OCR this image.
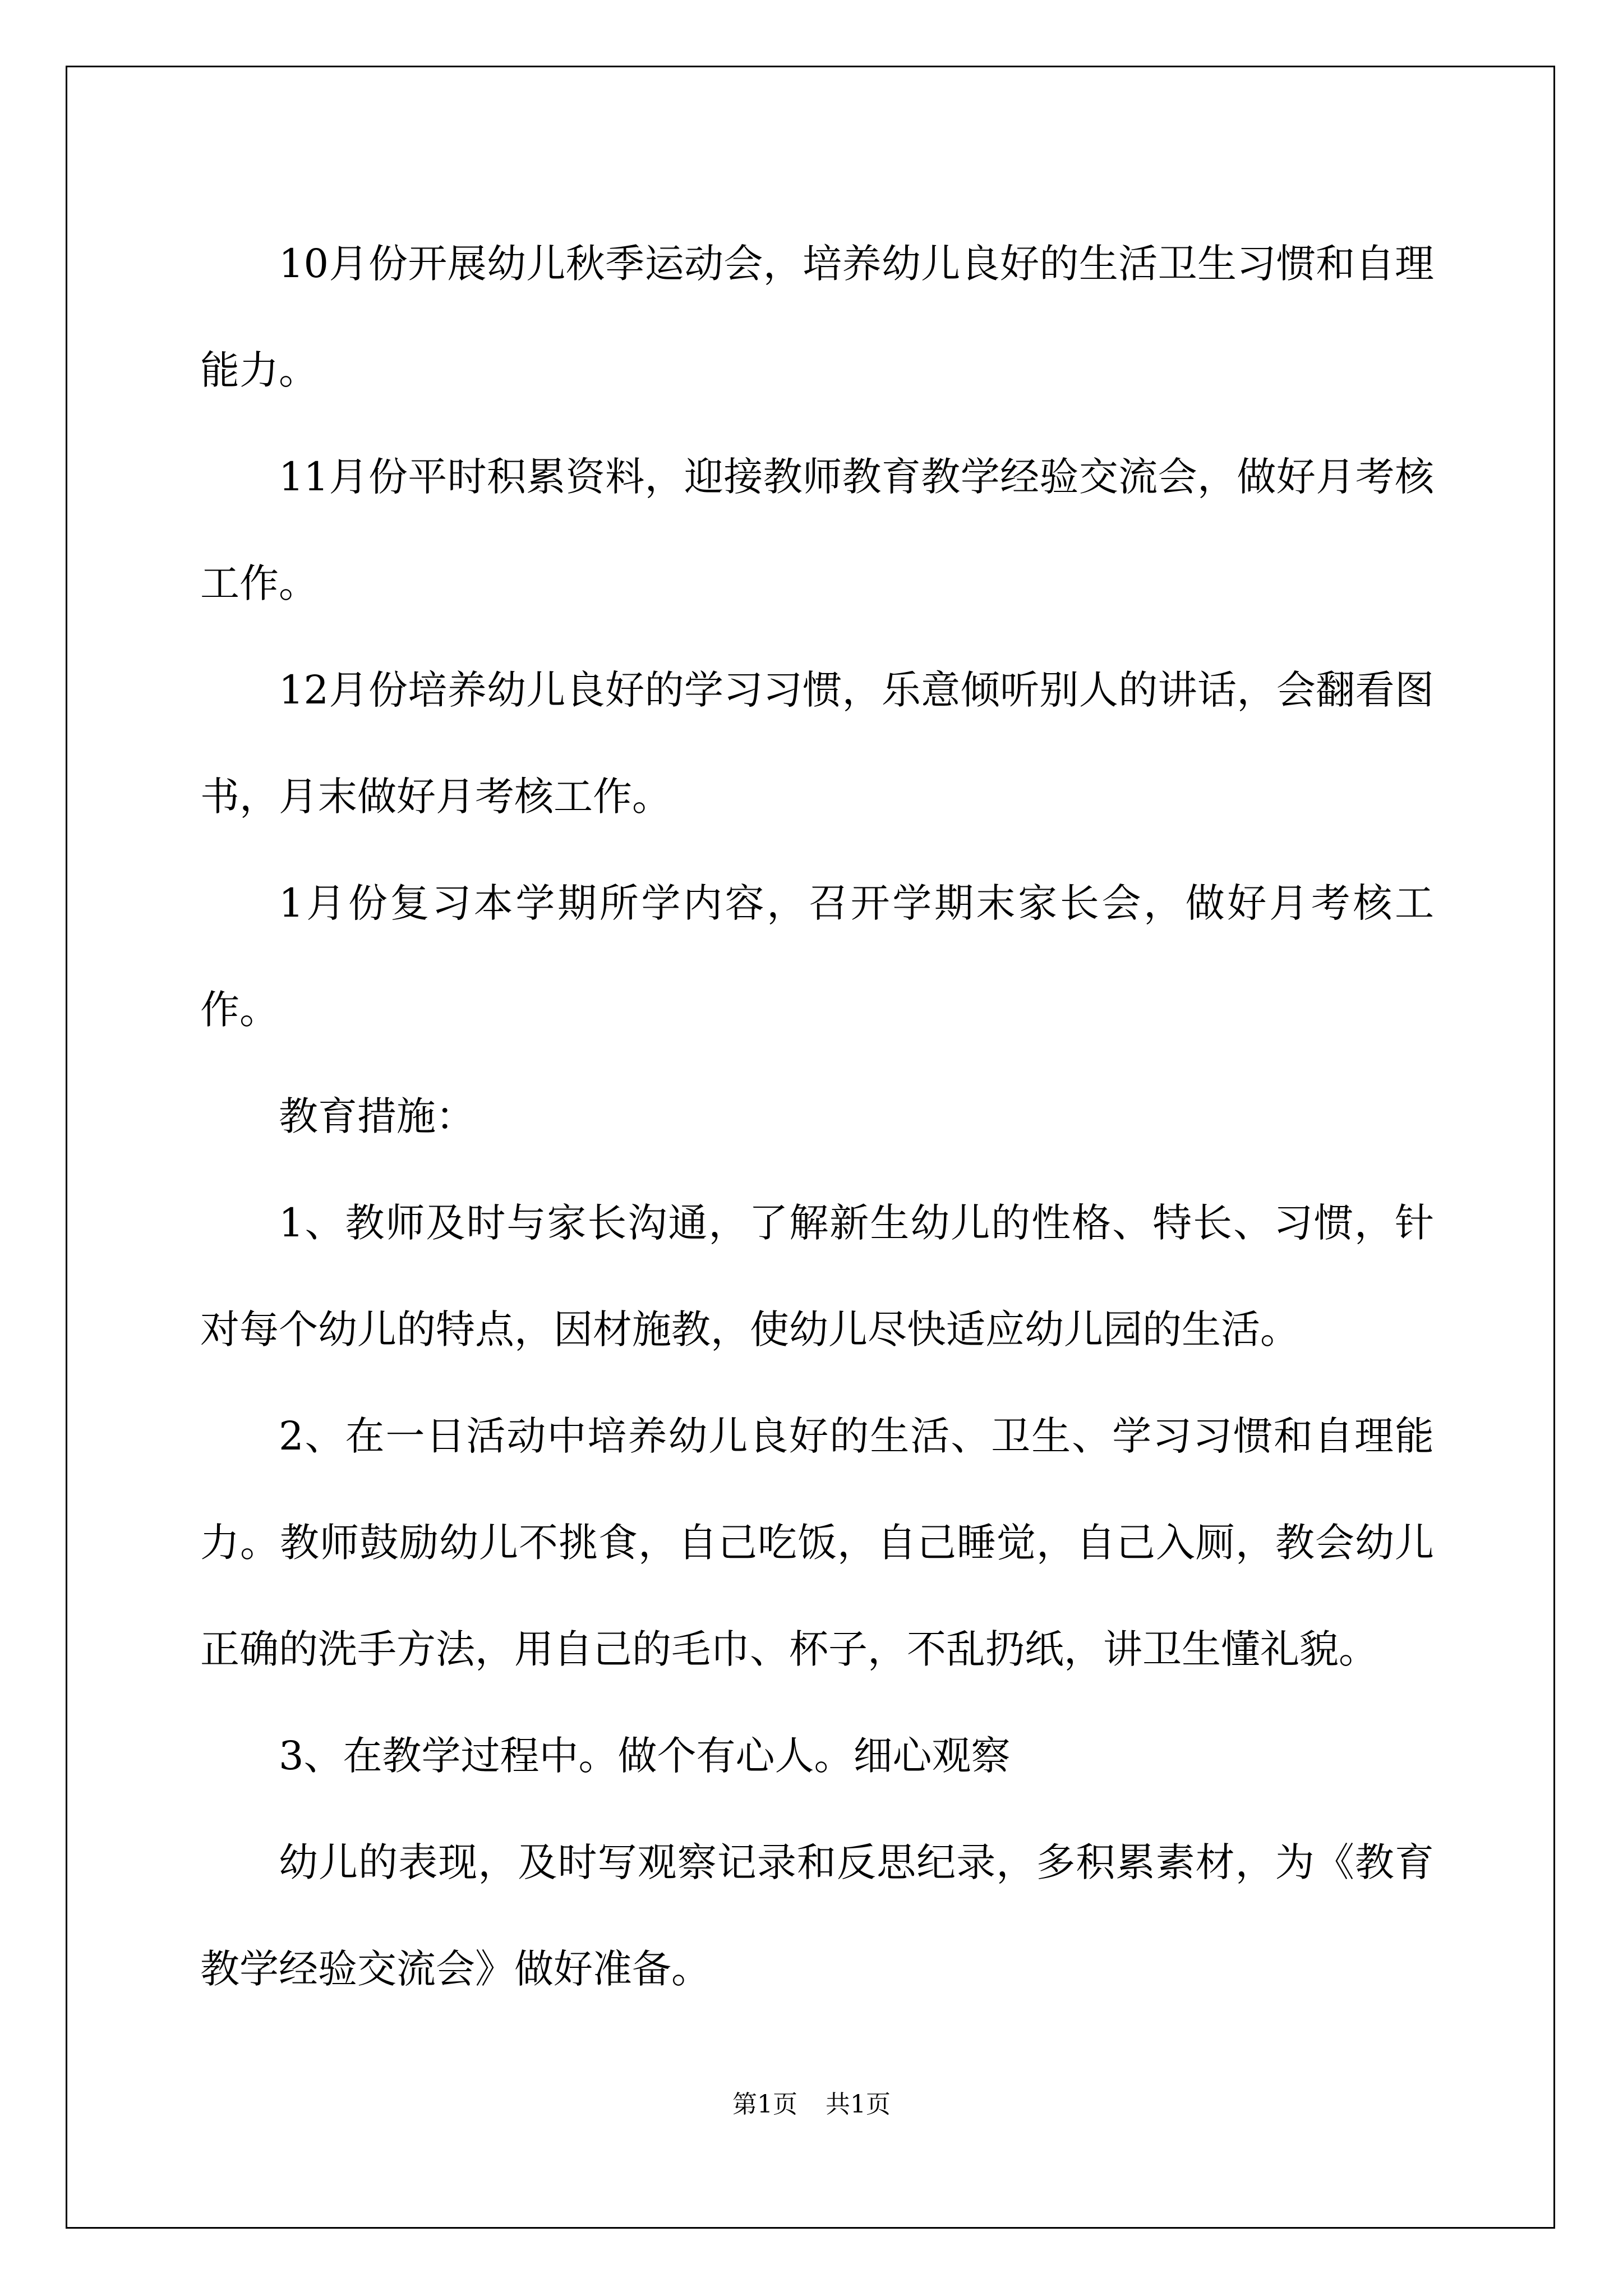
10月份开展幼儿秋季运动会，培养幼儿良好的生活卫生习惯和自理能力。

11月份平时积累资料，迎接教师教育教学经验交流会，做好月考核工作。

12月份培养幼儿良好的学习习惯，乐意倾听别人的讲话，会翻看图书，月末做好月考核工作。

1月份复习本学期所学内容，召开学期末家长会，做好月考核工作。

教育措施：

1、教师及时与家长沟通，了解新生幼儿的性格、特长、习惯，针对每个幼儿的特点，因材施教，使幼儿尽快适应幼儿园的生活。

2、在一日活动中培养幼儿良好的生活、卫生、学习习惯和自理能力。教师鼓励幼儿不挑食，自己吃饭，自己睡觉，自己入厕，教会幼儿正确的洗手方法，用自己的毛巾、杯子，不乱扔纸，讲卫生懂礼貌。

3、在教学过程中。做个有心人。细心观察

幼儿的表现，及时写观察记录和反思纪录，多积累素材，为《教育教学经验交流会》做好准备。

第1页 共1页
